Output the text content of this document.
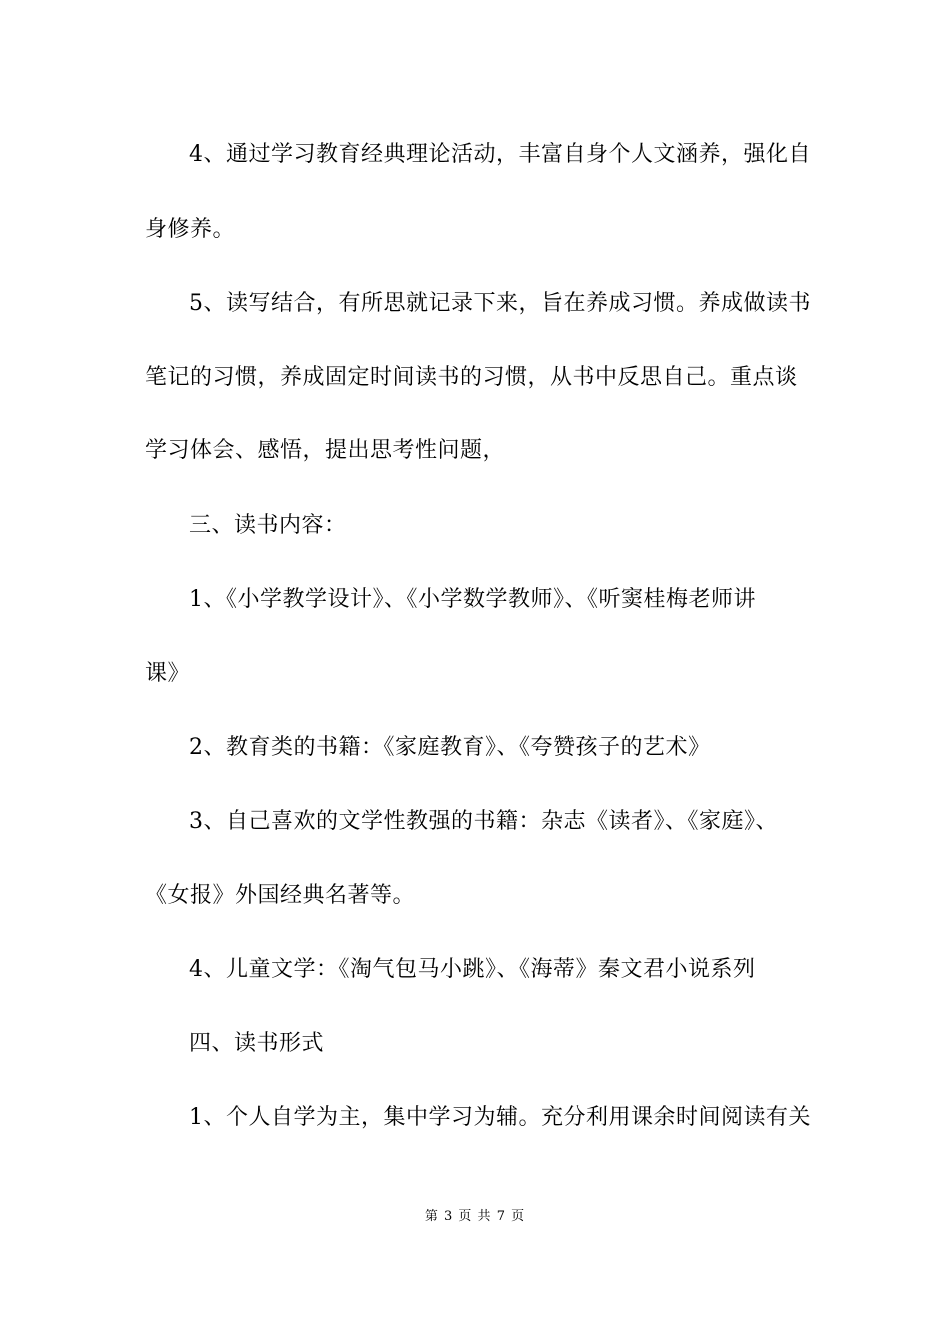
4、通过学习教育经典理论活动，丰富自身个人文涵养，强化自
身修养。
5、读写结合，有所思就记录下来，旨在养成习惯。养成做读书
笔记的习惯，养成固定时间读书的习惯，从书中反思自己。重点谈
学习体会、感悟，提出思考性问题，
三、读书内容：
1、《小学教学设计》、《小学数学教师》、《听窦桂梅老师讲
课》
2、教育类的书籍：《家庭教育》、《夸赞孩子的艺术》
3、自己喜欢的文学性教强的书籍：杂志《读者》、《家庭》、
《女报》外国经典名著等。
4、儿童文学：《淘气包马小跳》、《海蒂》秦文君小说系列
四、读书形式
1、个人自学为主，集中学习为辅。充分利用课余时间阅读有关
第 3 页 共 7 页
